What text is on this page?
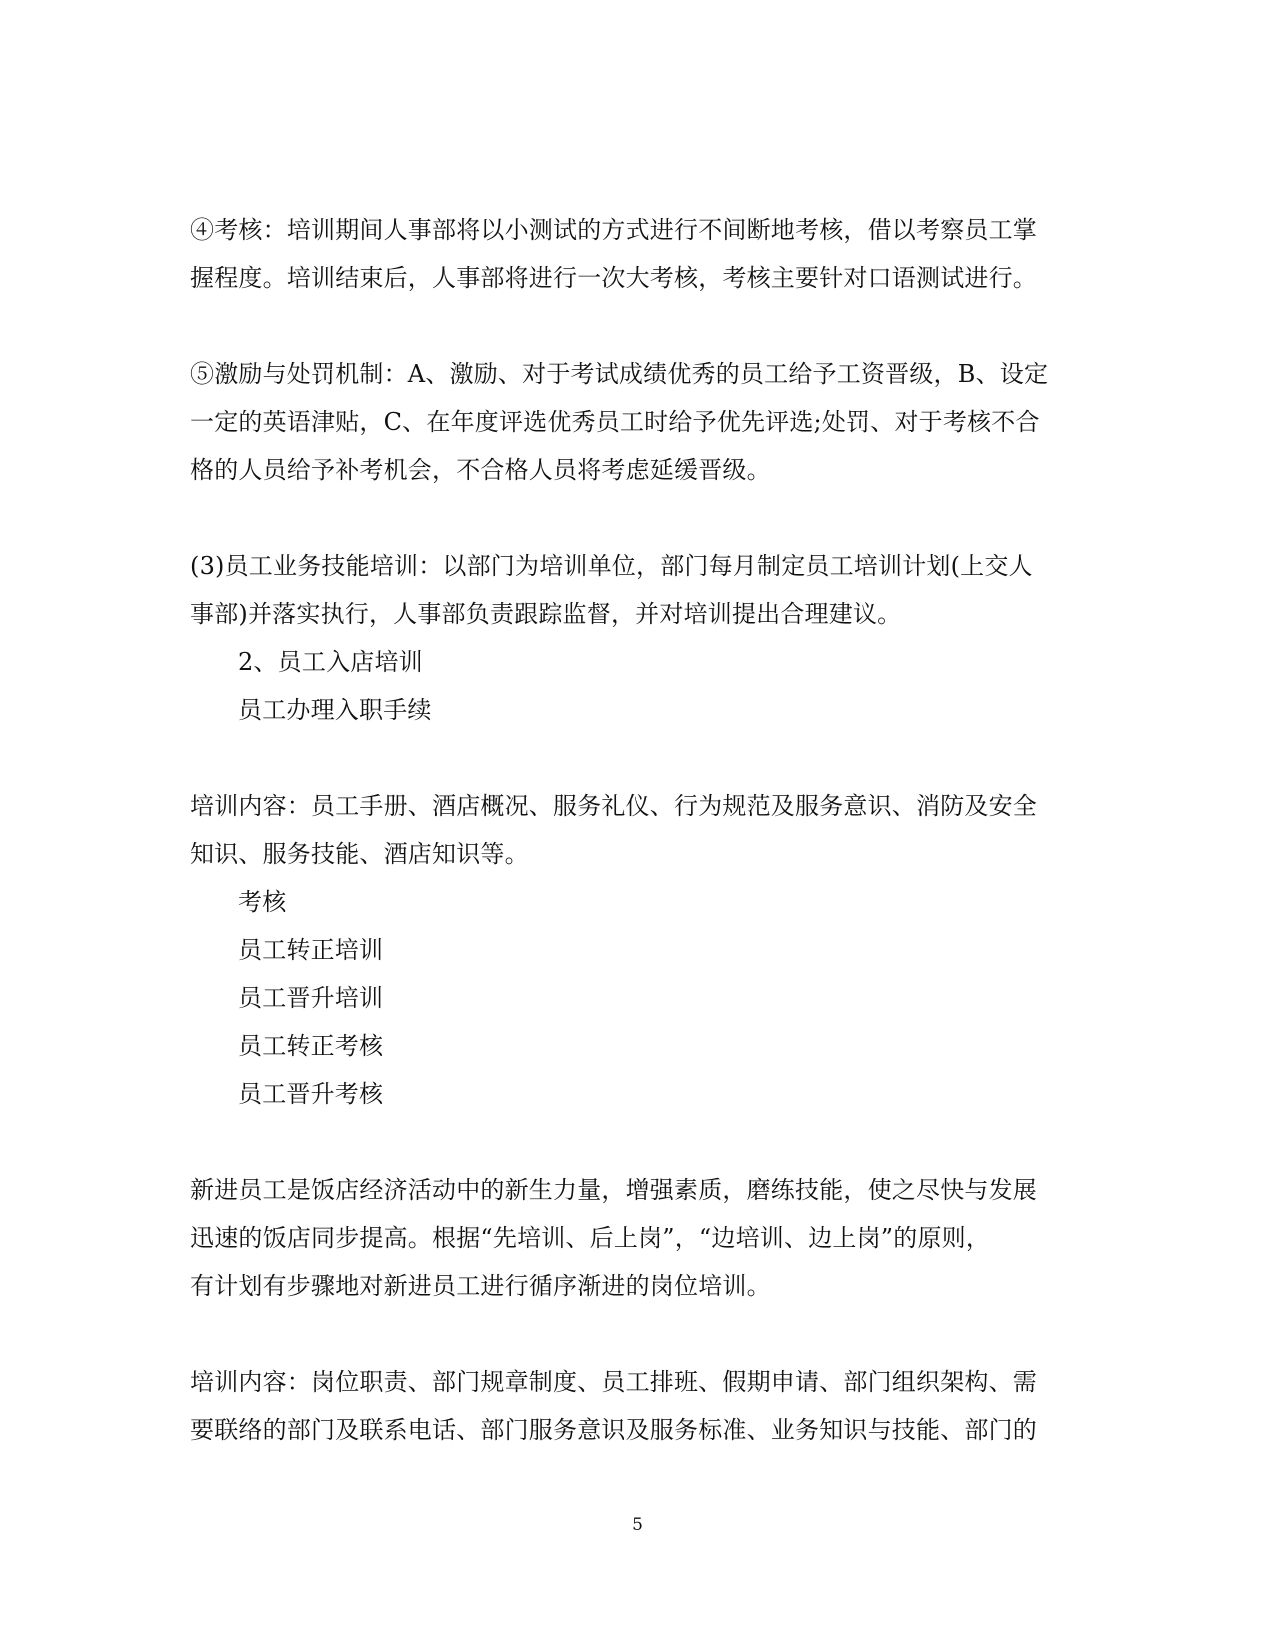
④考核：培训期间人事部将以小测试的方式进行不间断地考核，借以考察员工掌
握程度。培训结束后，人事部将进行一次大考核，考核主要针对口语测试进行。
⑤激励与处罚机制：A、激励、对于考试成绩优秀的员工给予工资晋级，B、设定
一定的英语津贴，C、在年度评选优秀员工时给予优先评选;处罚、对于考核不合
格的人员给予补考机会，不合格人员将考虑延缓晋级。
(3)员工业务技能培训：以部门为培训单位，部门每月制定员工培训计划(上交人
事部)并落实执行，人事部负责跟踪监督，并对培训提出合理建议。
2、员工入店培训
员工办理入职手续
培训内容：员工手册、酒店概况、服务礼仪、行为规范及服务意识、消防及安全
知识、服务技能、酒店知识等。
考核
员工转正培训
员工晋升培训
员工转正考核
员工晋升考核
新进员工是饭店经济活动中的新生力量，增强素质，磨练技能，使之尽快与发展
迅速的饭店同步提高。根据“先培训、后上岗”，“边培训、边上岗”的原则，
有计划有步骤地对新进员工进行循序渐进的岗位培训。
培训内容：岗位职责、部门规章制度、员工排班、假期申请、部门组织架构、需
要联络的部门及联系电话、部门服务意识及服务标准、业务知识与技能、部门的
5
